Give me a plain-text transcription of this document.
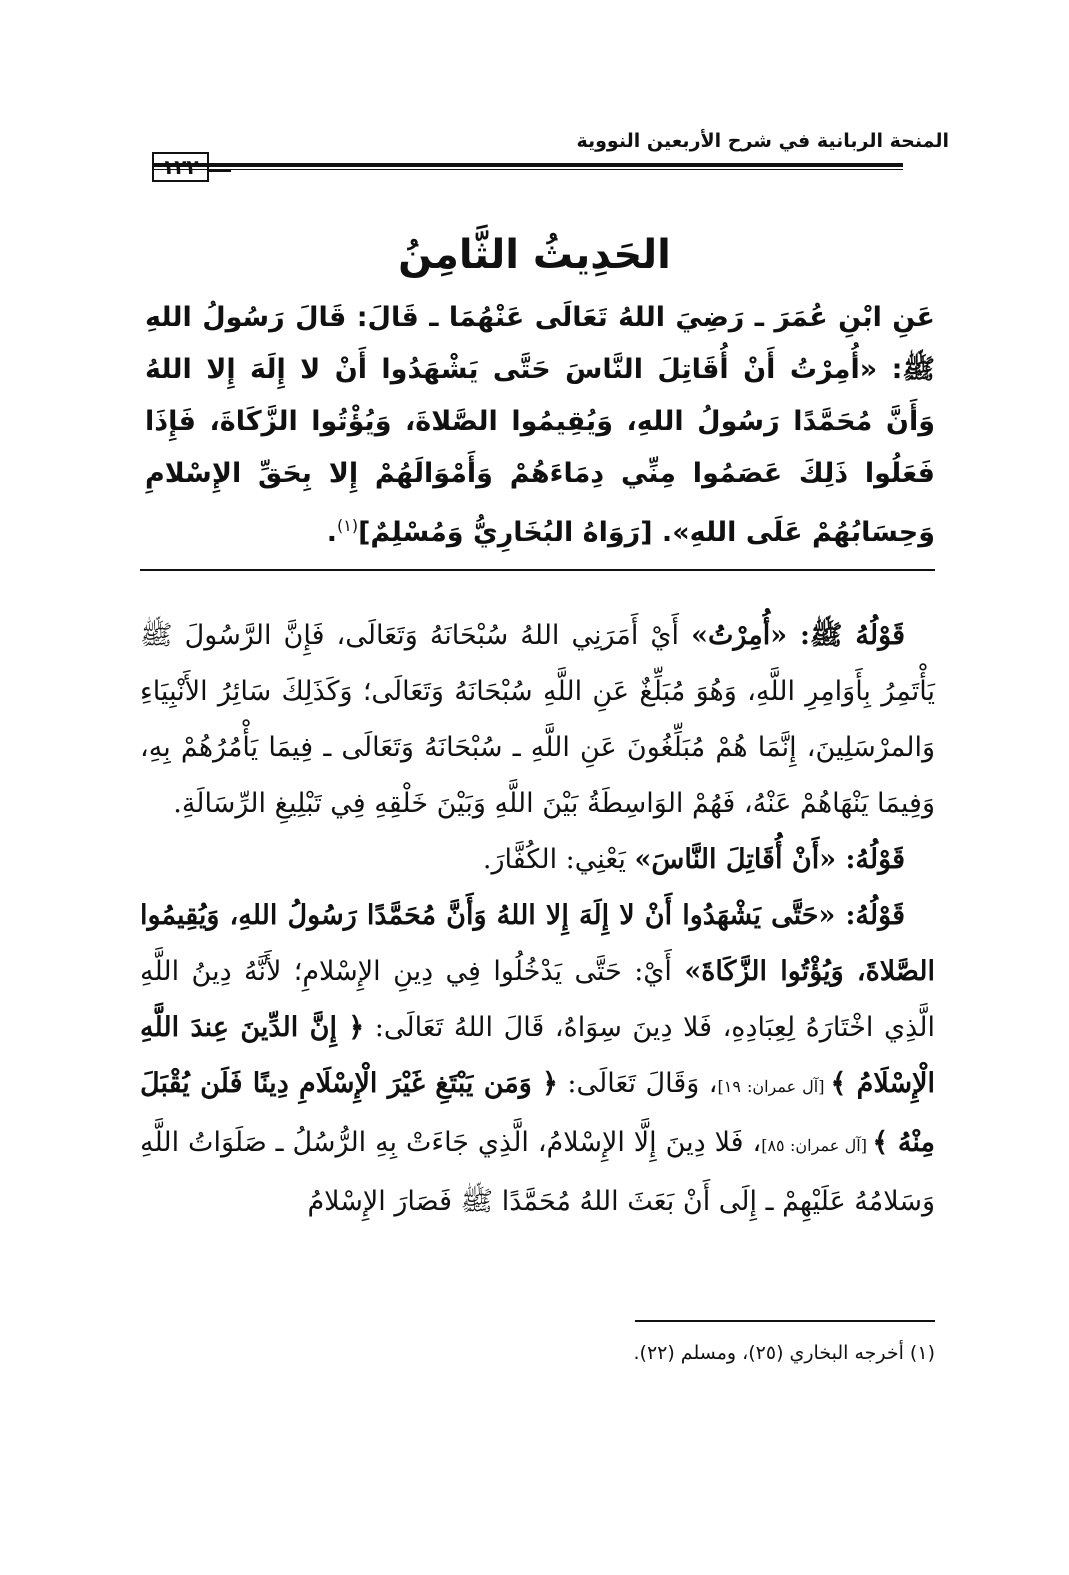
المنحة الربانية في شرح الأربعين النووية
١٢٢
الحَدِيثُ الثَّامِنُ
عَنِ ابْنِ عُمَرَ ـ رَضِيَ اللهُ تَعَالَى عَنْهُمَا ـ قَالَ: قَالَ رَسُولُ اللهِ ﷺ: «أُمِرْتُ أَنْ أُقَاتِلَ النَّاسَ حَتَّى يَشْهَدُوا أَنْ لا إِلَهَ إِلا اللهُ وَأَنَّ مُحَمَّدًا رَسُولُ اللهِ، وَيُقِيمُوا الصَّلاةَ، وَيُؤْتُوا الزَّكَاةَ، فَإِذَا فَعَلُوا ذَلِكَ عَصَمُوا مِنِّي دِمَاءَهُمْ وَأَمْوَالَهُمْ إِلا بِحَقِّ الإِسْلامِ وَحِسَابُهُمْ عَلَى اللهِ». [رَوَاهُ البُخَارِيُّ وَمُسْلِمٌ]$^{(١)}$.

قَوْلُهُ ﷺ: «أُمِرْتُ» أَيْ أَمَرَنِي اللهُ سُبْحَانَهُ وَتَعَالَى، فَإِنَّ الرَّسُولَ ﷺ يَأْتَمِرُ بِأَوَامِرِ اللَّهِ، وَهُوَ مُبَلِّغٌ عَنِ اللَّهِ سُبْحَانَهُ وَتَعَالَى؛ وَكَذَلِكَ سَائِرُ الأَنْبِيَاءِ وَالمرْسَلِينَ، إِنَّمَا هُمْ مُبَلِّغُونَ عَنِ اللَّهِ ـ سُبْحَانَهُ وَتَعَالَى ـ فِيمَا يَأْمُرُهُمْ بِهِ، وَفِيمَا يَنْهَاهُمْ عَنْهُ، فَهُمْ الوَاسِطَةُ بَيْنَ اللَّهِ وَبَيْنَ خَلْقِهِ فِي تَبْلِيغِ الرِّسَالَةِ.

قَوْلُهُ: «أَنْ أُقَاتِلَ النَّاسَ» يَعْنِي: الكُفَّارَ.

قَوْلُهُ: «حَتَّى يَشْهَدُوا أَنْ لا إِلَهَ إِلا اللهُ وَأَنَّ مُحَمَّدًا رَسُولُ اللهِ، وَيُقِيمُوا الصَّلاةَ، وَيُؤْتُوا الزَّكَاةَ» أَيْ: حَتَّى يَدْخُلُوا فِي دِينِ الإِسْلامِ؛ لأَنَّهُ دِينُ اللَّهِ الَّذِي اخْتَارَهُ لِعِبَادِهِ، فَلا دِينَ سِوَاهُ، قَالَ اللهُ تَعَالَى: ﴿ إِنَّ الدِّينَ عِندَ اللَّهِ الْإِسْلَامُ ﴾ [آل عمران: ١٩]، وَقَالَ تَعَالَى: ﴿ وَمَن يَبْتَغِ غَيْرَ الْإِسْلَامِ دِينًا فَلَن يُقْبَلَ مِنْهُ ﴾ [آل عمران: ٨٥]، فَلا دِينَ إِلَّا الإِسْلامُ، الَّذِي جَاءَتْ بِهِ الرُّسُلُ ـ صَلَوَاتُ اللَّهِ وَسَلامُهُ عَلَيْهِمْ ـ إِلَى أَنْ بَعَثَ اللهُ مُحَمَّدًا ﷺ فَصَارَ الإِسْلامُ

(١) أخرجه البخاري (٢٥)، ومسلم (٢٢).
